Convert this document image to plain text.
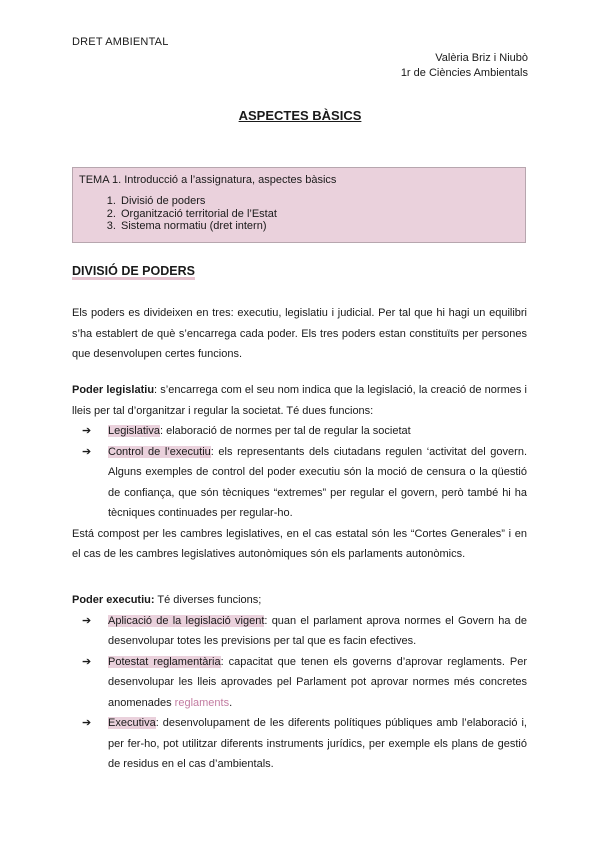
DRET AMBIENTAL
Valèria Briz i Niubò
1r de Ciències Ambientals
ASPECTES BÀSICS
TEMA 1. Introducció a l’assignatura, aspectes bàsics
1. Divisió de poders
2. Organització territorial de l’Estat
3. Sistema normatiu (dret intern)
DIVISIÓ DE PODERS
Els poders es divideixen en tres: executiu, legislatiu i judicial. Per tal que hi hagi un equilibri s’ha establert de què s’encarrega cada poder. Els tres poders estan constituïts per persones que desenvolupen certes funcions.
Poder legislatiu: s’encarrega com el seu nom indica que la legislació, la creació de normes i lleis per tal d’organitzar i regular la societat. Té dues funcions:
➔ Legislativa: elaboració de normes per tal de regular la societat
➔ Control de l’executiu: els representants dels ciutadans regulen ‘activitat del govern. Alguns exemples de control del poder executiu són la moció de censura o la qüestió de confiança, que són tècniques “extremes” per regular el govern, però també hi ha tècniques continuades per regular-ho.
Está compost per les cambres legislatives, en el cas estatal són les “Cortes Generales” i en el cas de les cambres legislatives autonòmiques són els parlaments autonòmics.
Poder executiu: Té diverses funcions;
➔ Aplicació de la legislació vigent: quan el parlament aprova normes el Govern ha de desenvolupar totes les previsions per tal que es facin efectives.
➔ Potestat reglamentària: capacitat que tenen els governs d’aprovar reglaments. Per desenvolupar les lleis aprovades pel Parlament pot aprovar normes més concretes anomenades reglaments.
➔ Executiva: desenvolupament de les diferents polítiques públiques amb l’elaboració i, per fer-ho, pot utilitzar diferents instruments jurídics, per exemple els plans de gestió de residus en el cas d’ambientals.
